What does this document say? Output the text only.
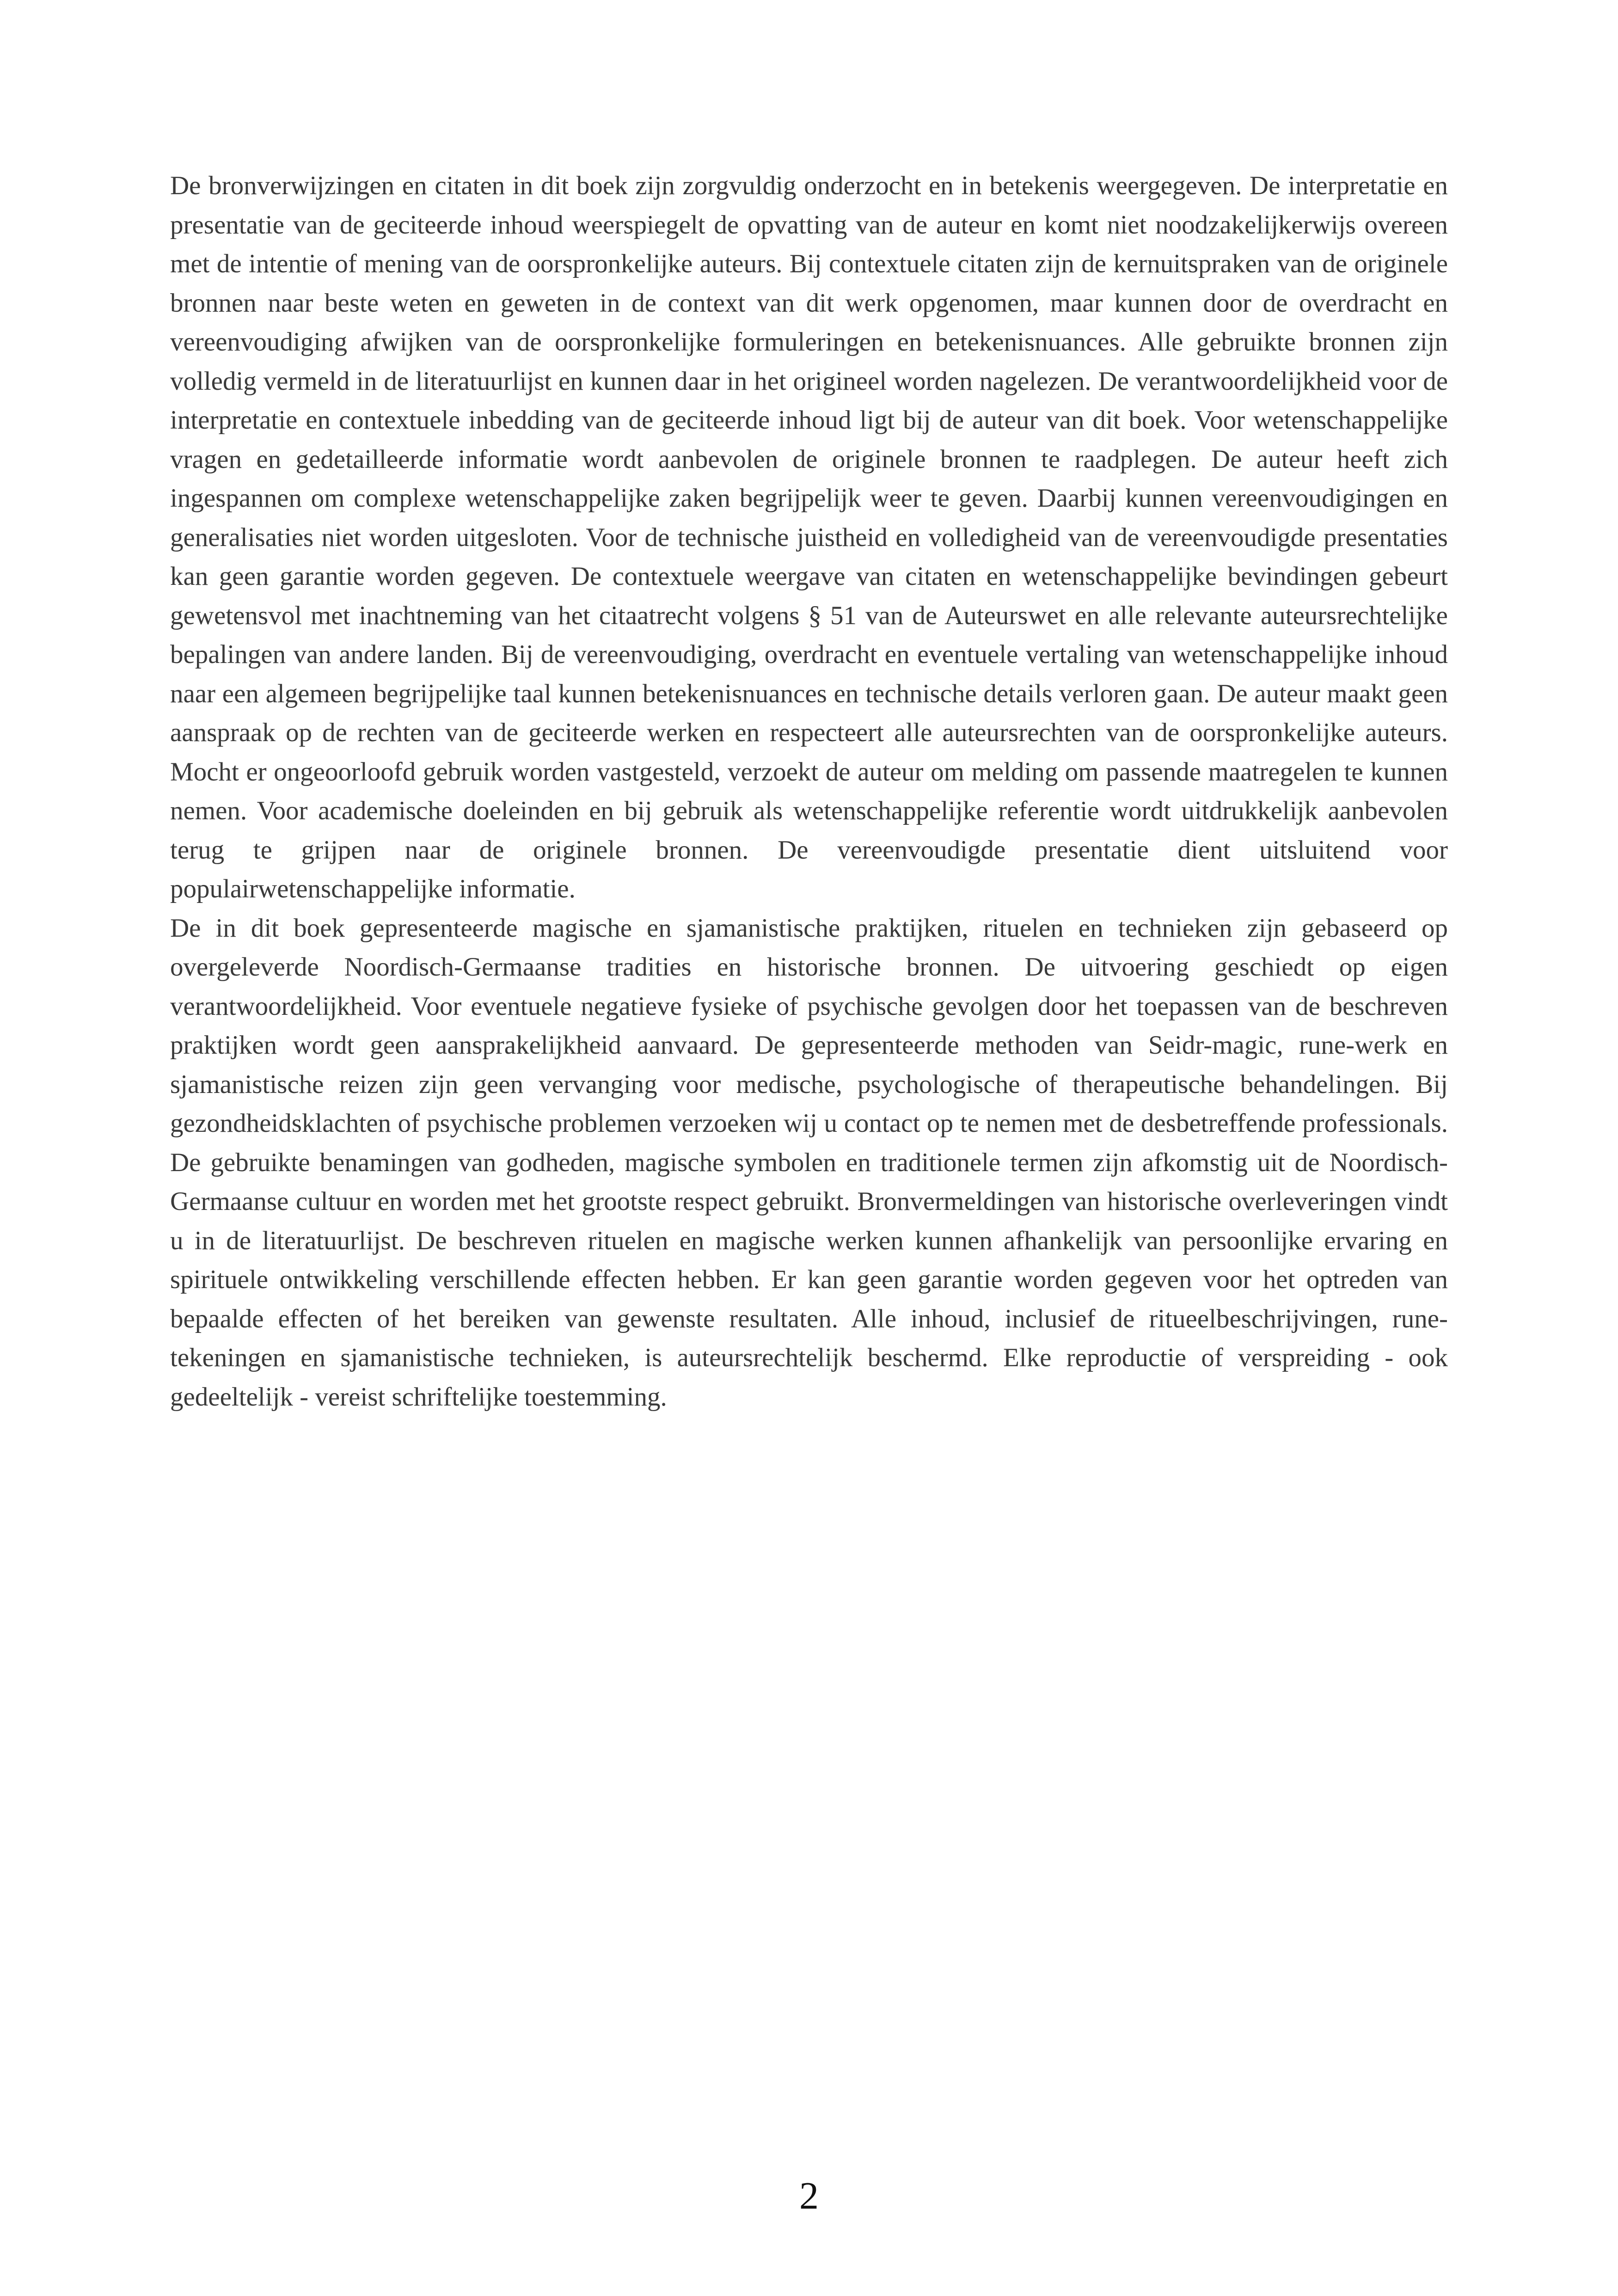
De bronverwijzingen en citaten in dit boek zijn zorgvuldig onderzocht en in betekenis weergegeven. De interpretatie en presentatie van de geciteerde inhoud weerspiegelt de opvatting van de auteur en komt niet noodzakelijkerwijs overeen met de intentie of mening van de oorspronkelijke auteurs. Bij contextuele citaten zijn de kernuitspraken van de originele bronnen naar beste weten en geweten in de context van dit werk opgenomen, maar kunnen door de overdracht en vereenvoudiging afwijken van de oorspronkelijke formuleringen en betekenisnuances. Alle gebruikte bronnen zijn volledig vermeld in de literatuurlijst en kunnen daar in het origineel worden nagelezen. De verantwoordelijkheid voor de interpretatie en contextuele inbedding van de geciteerde inhoud ligt bij de auteur van dit boek. Voor wetenschappelijke vragen en gedetailleerde informatie wordt aanbevolen de originele bronnen te raadplegen. De auteur heeft zich ingespannen om complexe wetenschappelijke zaken begrijpelijk weer te geven. Daarbij kunnen vereenvoudigingen en generalisaties niet worden uitgesloten. Voor de technische juistheid en volledigheid van de vereenvoudigde presentaties kan geen garantie worden gegeven. De contextuele weergave van citaten en wetenschappelijke bevindingen gebeurt gewetensvol met inachtneming van het citaatrecht volgens § 51 van de Auteurswet en alle relevante auteursrechtelijke bepalingen van andere landen. Bij de vereenvoudiging, overdracht en eventuele vertaling van wetenschappelijke inhoud naar een algemeen begrijpelijke taal kunnen betekenisnuances en technische details verloren gaan. De auteur maakt geen aanspraak op de rechten van de geciteerde werken en respecteert alle auteursrechten van de oorspronkelijke auteurs. Mocht er ongeoorloofd gebruik worden vastgesteld, verzoekt de auteur om melding om passende maatregelen te kunnen nemen. Voor academische doeleinden en bij gebruik als wetenschappelijke referentie wordt uitdrukkelijk aanbevolen terug te grijpen naar de originele bronnen. De vereenvoudigde presentatie dient uitsluitend voor populairwetenschappelijke informatie.

De in dit boek gepresenteerde magische en sjamanistische praktijken, rituelen en technieken zijn gebaseerd op overgeleverde Noordisch-Germaanse tradities en historische bronnen. De uitvoering geschiedt op eigen verantwoordelijkheid. Voor eventuele negatieve fysieke of psychische gevolgen door het toepassen van de beschreven praktijken wordt geen aansprakelijkheid aanvaard. De gepresenteerde methoden van Seidr-magic, rune-werk en sjamanistische reizen zijn geen vervanging voor medische, psychologische of therapeutische behandelingen. Bij gezondheidsklachten of psychische problemen verzoeken wij u contact op te nemen met de desbetreffende professionals. De gebruikte benamingen van godheden, magische symbolen en traditionele termen zijn afkomstig uit de Noordisch-Germaanse cultuur en worden met het grootste respect gebruikt. Bronvermeldingen van historische overleveringen vindt u in de literatuurlijst. De beschreven rituelen en magische werken kunnen afhankelijk van persoonlijke ervaring en spirituele ontwikkeling verschillende effecten hebben. Er kan geen garantie worden gegeven voor het optreden van bepaalde effecten of het bereiken van gewenste resultaten. Alle inhoud, inclusief de ritueelbeschrijvingen, rune-tekeningen en sjamanistische technieken, is auteursrechtelijk beschermd. Elke reproductie of verspreiding - ook gedeeltelijk - vereist schriftelijke toestemming.

2
